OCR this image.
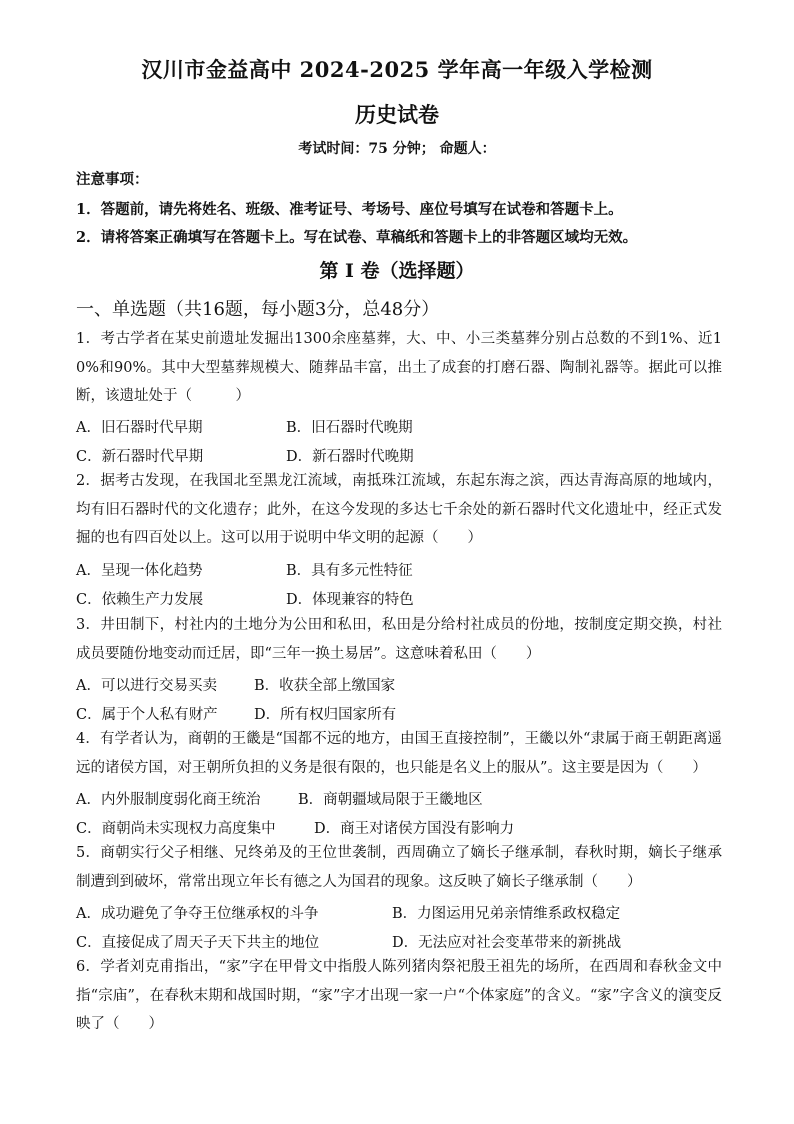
汉川市金益高中 2024-2025 学年高一年级入学检测
历史试卷
考试时间：75 分钟； 命题人：
注意事项：
1．答题前，请先将姓名、班级、准考证号、考场号、座位号填写在试卷和答题卡上。
2．请将答案正确填写在答题卡上。写在试卷、草稿纸和答题卡上的非答题区域均无效。
第 Ⅰ 卷（选择题）
一、单选题（共16题，每小题3分，总48分）
1．考古学者在某史前遗址发掘出1300余座墓葬，大、中、小三类墓葬分别占总数的不到1%、近10%和90%。其中大型墓葬规模大、随葬品丰富，出土了成套的打磨石器、陶制礼器等。据此可以推断，该遗址处于（　　　）
A．旧石器时代早期	B．旧石器时代晚期
C．新石器时代早期	D．新石器时代晚期
2．据考古发现，在我国北至黑龙江流域，南抵珠江流域，东起东海之滨，西达青海高原的地域内，均有旧石器时代的文化遗存；此外，在这今发现的多达七千余处的新石器时代文化遗址中，经正式发掘的也有四百处以上。这可以用于说明中华文明的起源（　　）
A．呈现一体化趋势	B．具有多元性特征
C．依赖生产力发展	D．体现兼容的特色
3．井田制下，村社内的土地分为公田和私田，私田是分给村社成员的份地，按制度定期交换，村社成员要随份地变动而迁居，即“三年一换土易居”。这意味着私田（　　）
A．可以进行交易买卖	B．收获全部上缴国家
C．属于个人私有财产	D．所有权归国家所有
4．有学者认为，商朝的王畿是“国都不远的地方，由国王直接控制”，王畿以外“隶属于商王朝距离遥远的诸侯方国，对王朝所负担的义务是很有限的，也只能是名义上的服从”。这主要是因为（　　）
A．内外服制度弱化商王统治	B．商朝疆域局限于王畿地区
C．商朝尚未实现权力高度集中	D．商王对诸侯方国没有影响力
5．商朝实行父子相继、兄终弟及的王位世袭制，西周确立了嫡长子继承制，春秋时期，嫡长子继承制遭到到破坏，常常出现立年长有德之人为国君的现象。这反映了嫡长子继承制（　　）
A．成功避免了争夺王位继承权的斗争	B．力图运用兄弟亲情维系政权稳定
C．直接促成了周天子天下共主的地位	D．无法应对社会变革带来的新挑战
6．学者刘克甫指出，“家”字在甲骨文中指殷人陈列猪肉祭祀殷王祖先的场所，在西周和春秋金文中指“宗庙”，在春秋末期和战国时期，“家”字才出现一家一户“个体家庭”的含义。“家”字含义的演变反映了（　　）
